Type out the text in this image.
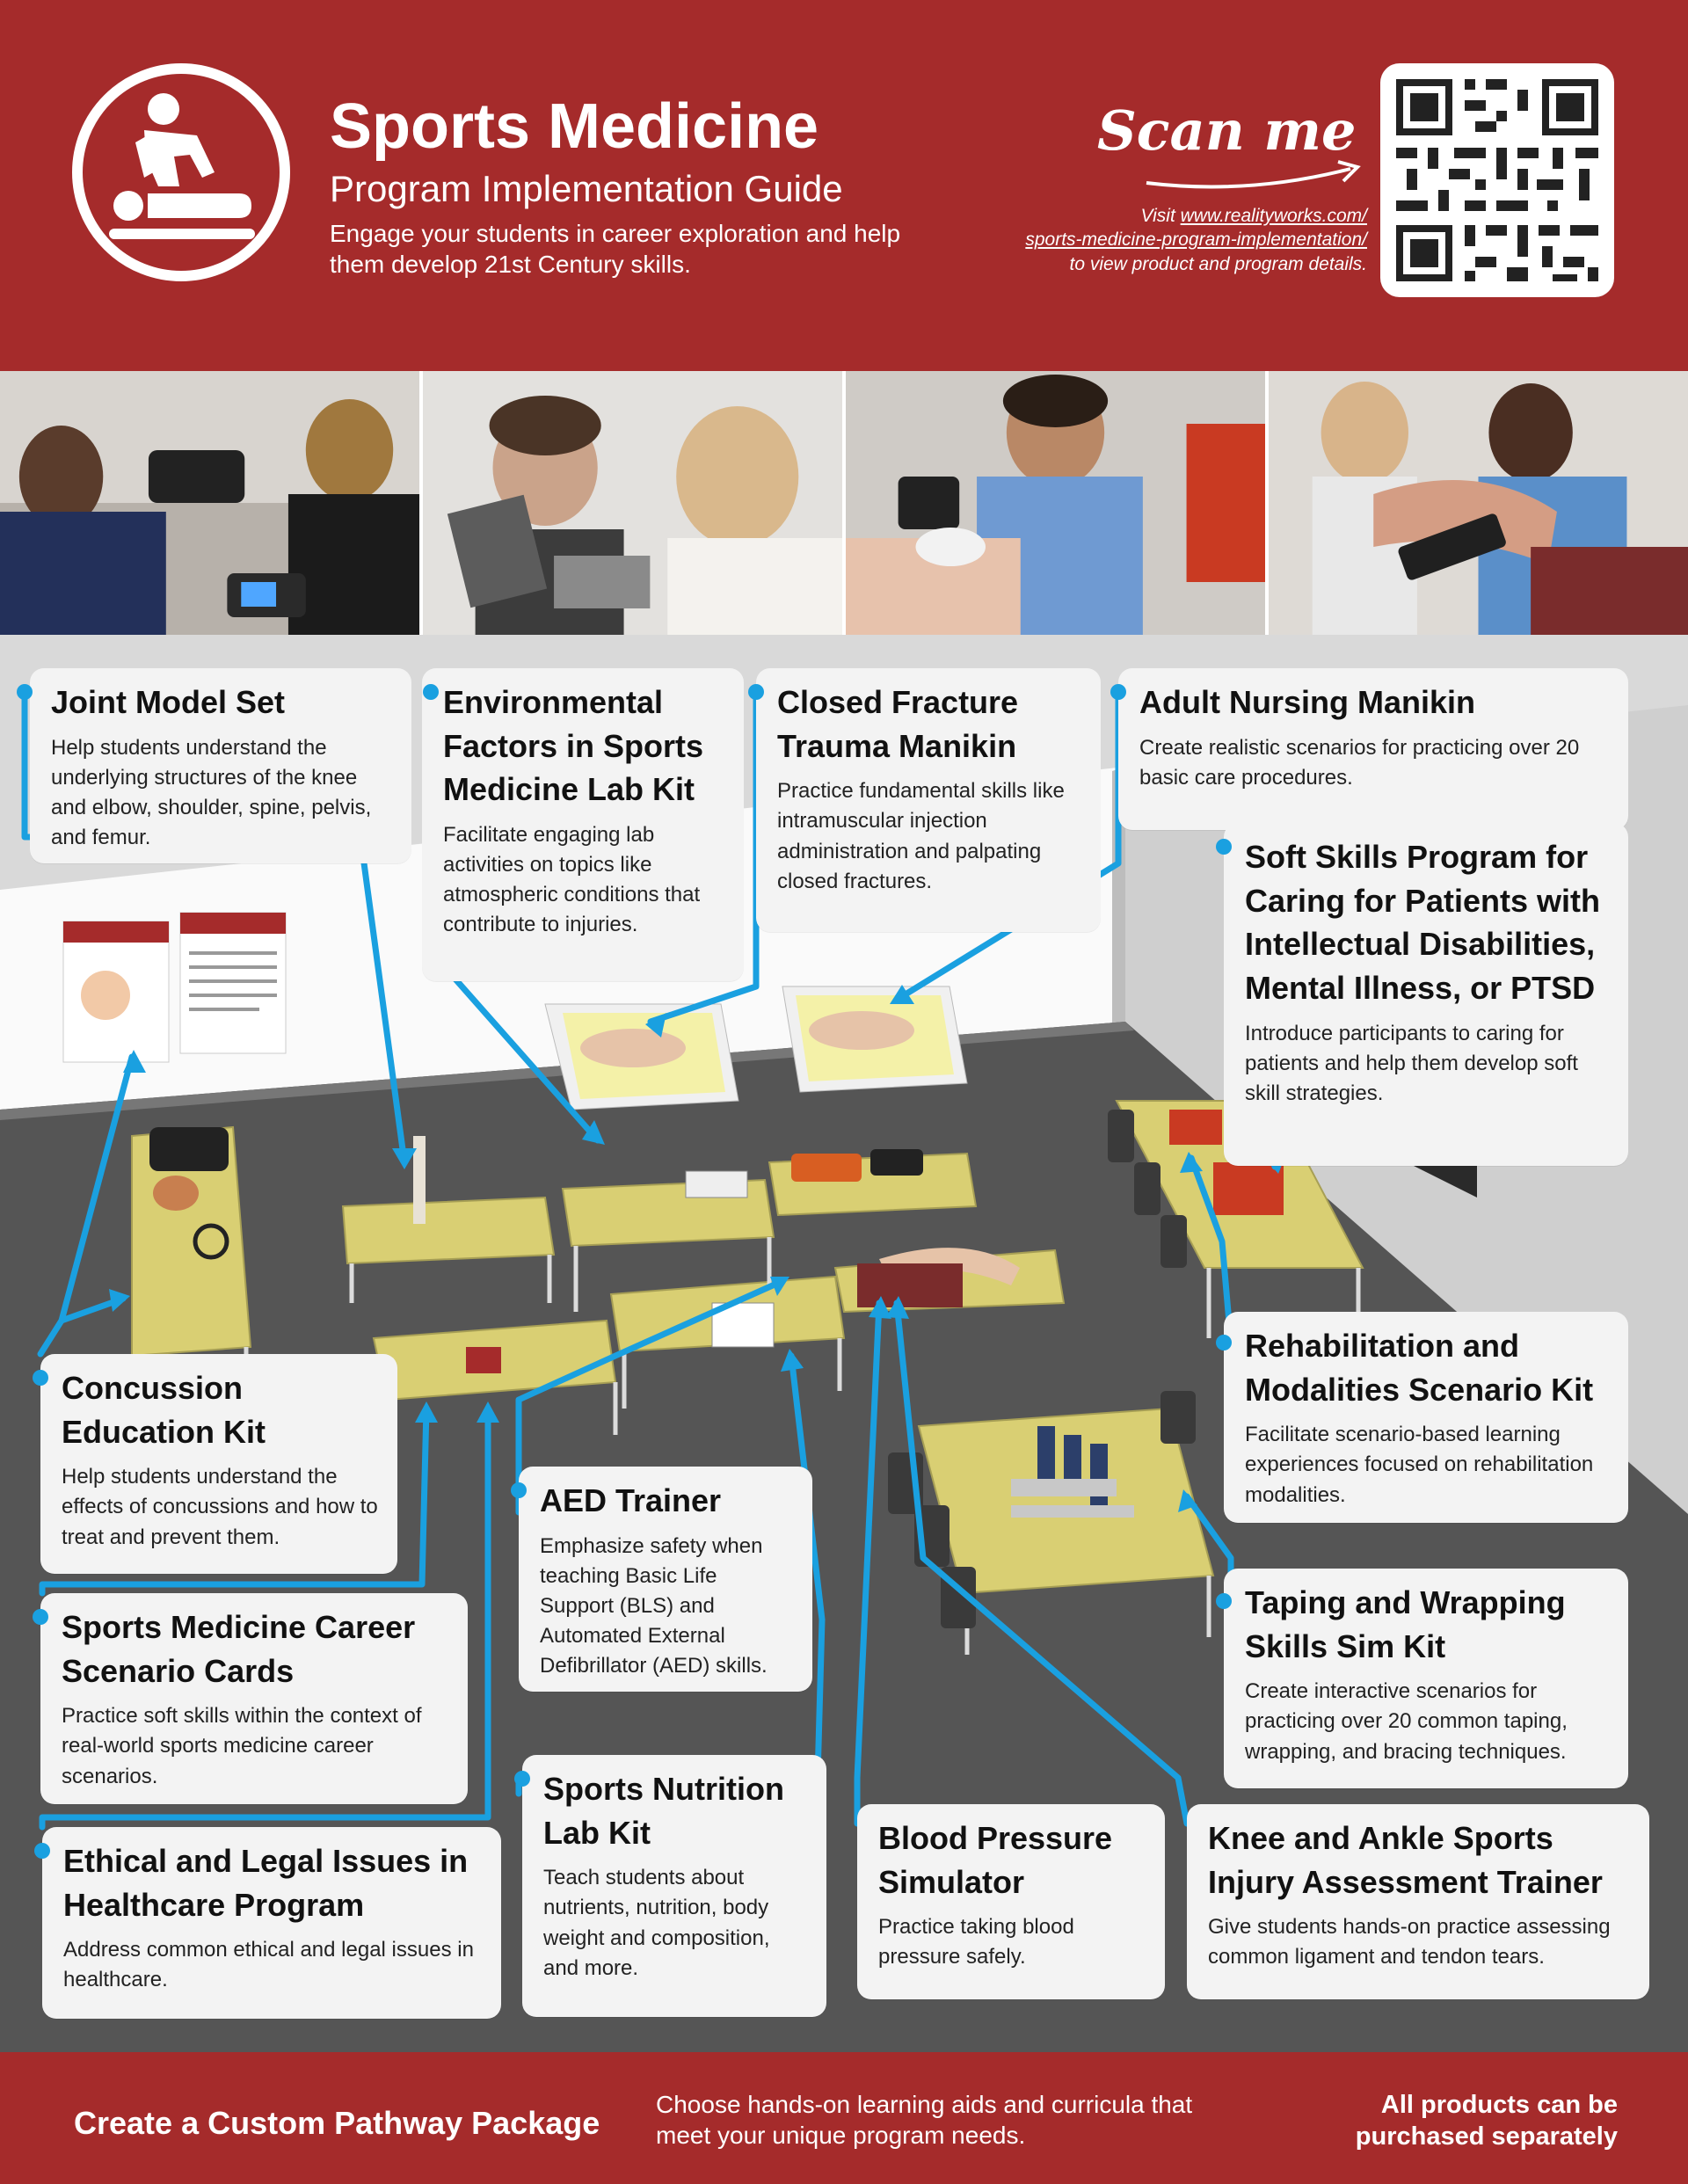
Sports Medicine
Program Implementation Guide
Engage your students in career exploration and help them develop 21st Century skills.
Scan me
Visit www.realityworks.com/
sports-medicine-program-implementation/
to view product and program details.
Joint Model Set

Help students understand the underlying structures of the knee and elbow, shoulder, spine, pelvis, and femur.

Environmental Factors in Sports Medicine Lab Kit

Facilitate engaging lab activities on topics like atmospheric conditions that contribute to injuries.

Closed Fracture Trauma Manikin

Practice fundamental skills like intramuscular injection administration and palpating closed fractures.

Adult Nursing Manikin

Create realistic scenarios for practicing over 20 basic care procedures.

Soft Skills Program for Caring for Patients with Intellectual Disabilities, Mental Illness, or PTSD

Introduce participants to caring for patients and help them develop soft skill strategies.

Concussion Education Kit

Help students understand the effects of concussions and how to treat and prevent them.

Rehabilitation and Modalities Scenario Kit

Facilitate scenario-based learning experiences focused on rehabilitation modalities.

AED Trainer

Emphasize safety when teaching Basic Life Support (BLS) and Automated External Defibrillator (AED) skills.

Sports Medicine Career Scenario Cards

Practice soft skills within the context of real-world sports medicine career scenarios.

Taping and Wrapping Skills Sim Kit

Create interactive scenarios for practicing over 20 common taping, wrapping, and bracing techniques.

Ethical and Legal Issues in Healthcare Program

Address common ethical and legal issues in healthcare.

Sports Nutrition Lab Kit

Teach students about nutrients, nutrition, body weight and composition, and more.

Blood Pressure Simulator

Practice taking blood pressure safely.

Knee and Ankle Sports Injury Assessment Trainer

Give students hands-on practice assessing common ligament and tendon tears.

Create a Custom Pathway Package
Choose hands-on learning aids and curricula that meet your unique program needs.
All products can be purchased separately
